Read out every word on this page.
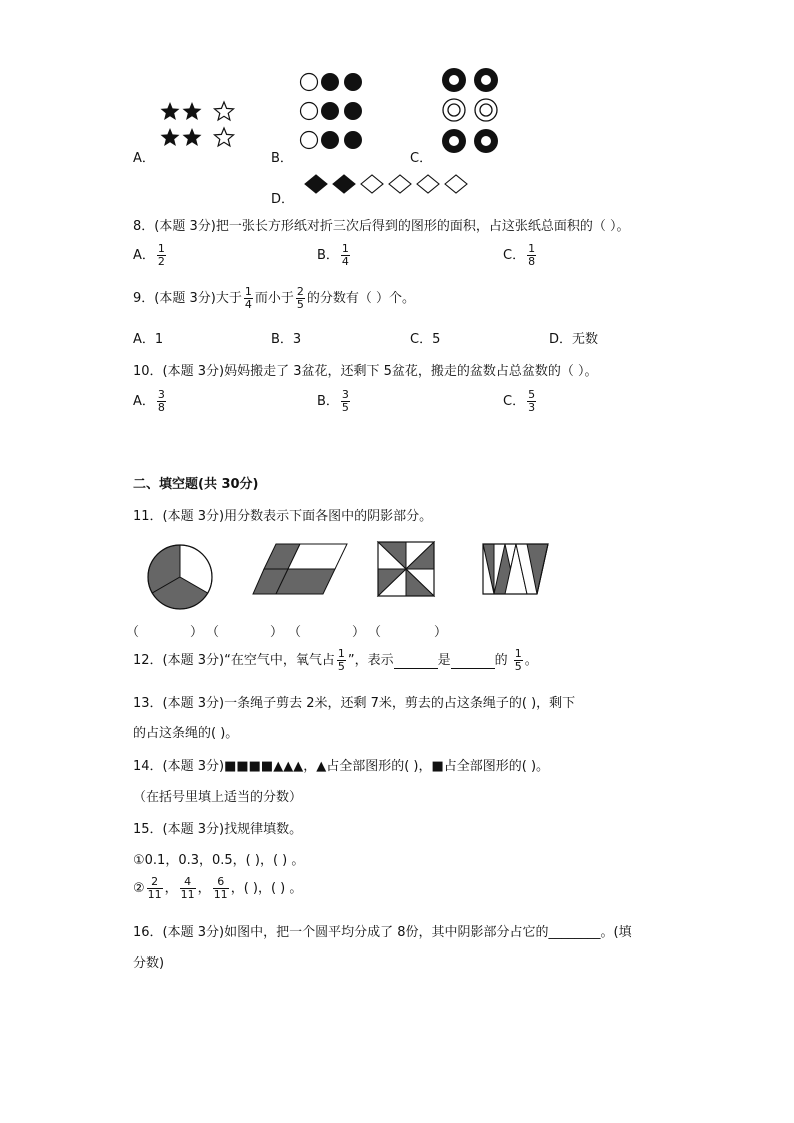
A．	B．	C．
D．
8．(本题 3分)把一张长方形纸对折三次后得到的图形的面积，占这张纸总面积的（ ）。
A． $\frac{1}{2}$	B． $\frac{1}{4}$	C． $\frac{1}{8}$
9．(本题 3分)大于 $\frac{1}{4}$ 而小于 $\frac{2}{5}$ 的分数有（ ）个。
A．1	B．3	C．5	D．无数
10．(本题 3分)妈妈搬走了 3盆花，还剩下 5盆花，搬走的盆数占总盆数的（ ）。
A． $\frac{3}{8}$	B． $\frac{3}{5}$	C． $\frac{5}{3}$
二、填空题(共 30分)
11．(本题 3分)用分数表示下面各图中的阴影部分。
（	） （	） （	） （	）
12．(本题 3分)“在空气中，氧气占 $\frac{1}{5}$ ”，表示	是	的 $\frac{1}{5}$ 。
13．(本题 3分)一条绳子剪去 2米，还剩 7米，剪去的占这条绳子的( )，剩下
的占这条绳的( )。
14．(本题 3分)■■■■▲▲▲，▲占全部图形的( )，■占全部图形的( )。
（在括号里填上适当的分数）
15．(本题 3分)找规律填数。
①0.1，0.3，0.5，( )，( ) 。
② $\frac{2}{11}$ ， $\frac{4}{11}$ ， $\frac{6}{11}$ ，( )，( ) 。
16．(本题 3分)如图中，把一个圆平均分成了 8份，其中阴影部分占它的________。(填
分数)
